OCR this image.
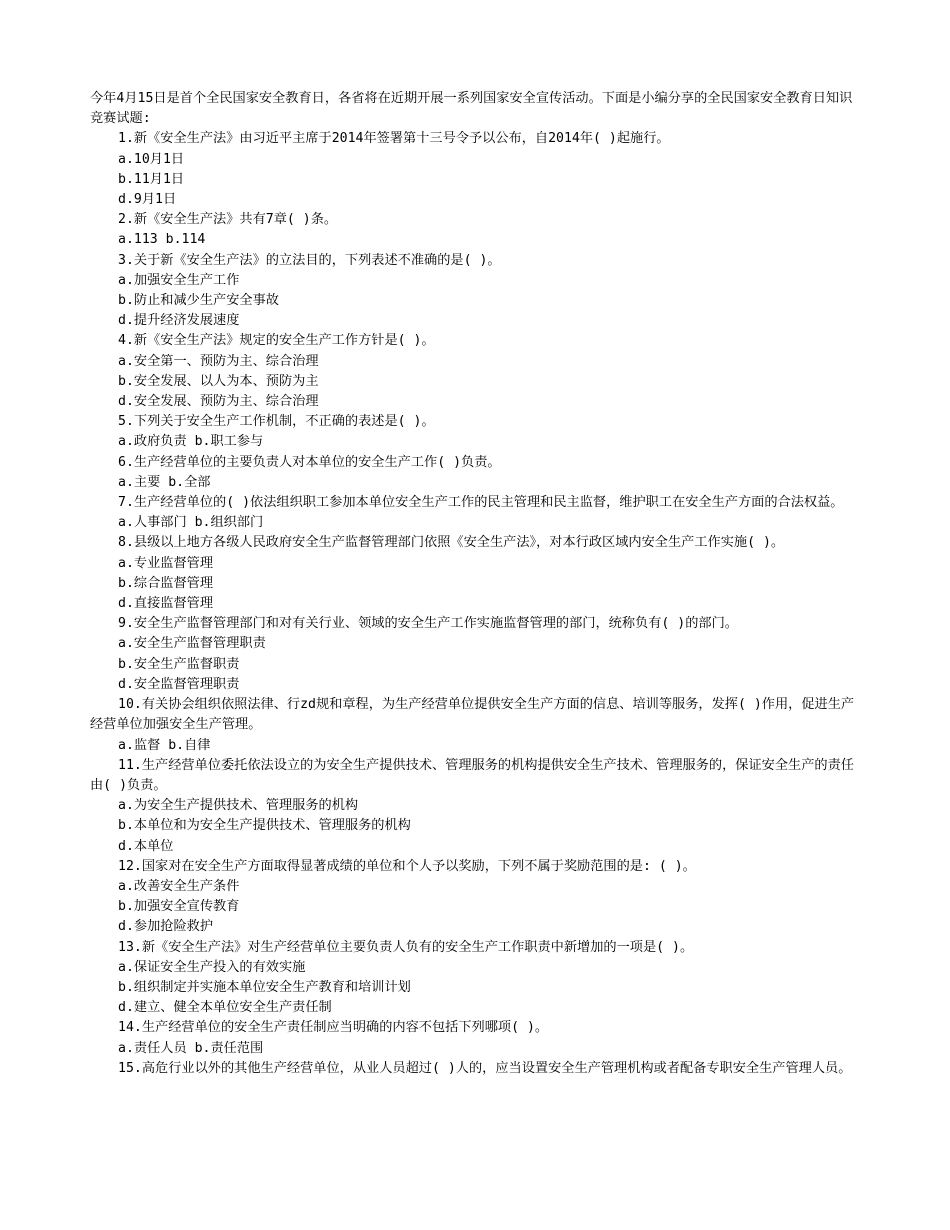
今年4月15日是首个全民国家安全教育日，各省将在近期开展一系列国家安全宣传活动。下面是小编分享的全民国家安全教育日知识竞赛试题:
1.新《安全生产法》由习近平主席于2014年签署第十三号令予以公布，自2014年( )起施行。
a.10月1日
b.11月1日
d.9月1日
2.新《安全生产法》共有7章( )条。
a.113 b.114
3.关于新《安全生产法》的立法目的，下列表述不准确的是( )。
a.加强安全生产工作
b.防止和减少生产安全事故
d.提升经济发展速度
4.新《安全生产法》规定的安全生产工作方针是( )。
a.安全第一、预防为主、综合治理
b.安全发展、以人为本、预防为主
d.安全发展、预防为主、综合治理
5.下列关于安全生产工作机制，不正确的表述是( )。
a.政府负责 b.职工参与
6.生产经营单位的主要负责人对本单位的安全生产工作( )负责。
a.主要 b.全部
7.生产经营单位的( )依法组织职工参加本单位安全生产工作的民主管理和民主监督，维护职工在安全生产方面的合法权益。
a.人事部门 b.组织部门
8.县级以上地方各级人民政府安全生产监督管理部门依照《安全生产法》，对本行政区域内安全生产工作实施( )。
a.专业监督管理
b.综合监督管理
d.直接监督管理
9.安全生产监督管理部门和对有关行业、领域的安全生产工作实施监督管理的部门，统称负有( )的部门。
a.安全生产监督管理职责
b.安全生产监督职责
d.安全监督管理职责
10.有关协会组织依照法律、行zd规和章程，为生产经营单位提供安全生产方面的信息、培训等服务，发挥( )作用，促进生产经营单位加强安全生产管理。
a.监督 b.自律
11.生产经营单位委托依法设立的为安全生产提供技术、管理服务的机构提供安全生产技术、管理服务的，保证安全生产的责任由( )负责。
a.为安全生产提供技术、管理服务的机构
b.本单位和为安全生产提供技术、管理服务的机构
d.本单位
12.国家对在安全生产方面取得显著成绩的单位和个人予以奖励，下列不属于奖励范围的是: ( )。
a.改善安全生产条件
b.加强安全宣传教育
d.参加抢险救护
13.新《安全生产法》对生产经营单位主要负责人负有的安全生产工作职责中新增加的一项是( )。
a.保证安全生产投入的有效实施
b.组织制定并实施本单位安全生产教育和培训计划
d.建立、健全本单位安全生产责任制
14.生产经营单位的安全生产责任制应当明确的内容不包括下列哪项( )。
a.责任人员 b.责任范围
15.高危行业以外的其他生产经营单位，从业人员超过( )人的，应当设置安全生产管理机构或者配备专职安全生产管理人员。
